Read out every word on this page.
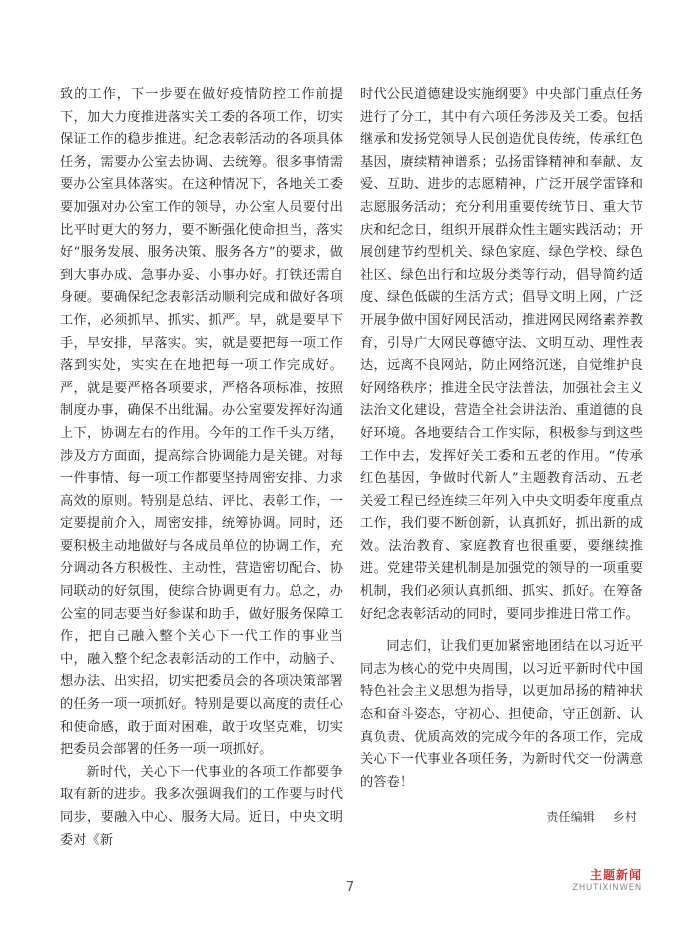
致的工作，下一步要在做好疫情防控工作前提下，加大力度推进落实关工委的各项工作，切实保证工作的稳步推进。纪念表彰活动的各项具体任务，需要办公室去协调、去统筹。很多事情需要办公室具体落实。在这种情况下，各地关工委要加强对办公室工作的领导，办公室人员要付出比平时更大的努力，要不断强化使命担当，落实好“服务发展、服务决策、服务各方”的要求，做到大事办成、急事办妥、小事办好。打铁还需自身硬。要确保纪念表彰活动顺利完成和做好各项工作，必须抓早、抓实、抓严。早，就是要早下手，早安排，早落实。实，就是要把每一项工作落到实处，实实在在地把每一项工作完成好。严，就是要严格各项要求，严格各项标准，按照制度办事，确保不出纰漏。办公室要发挥好沟通上下，协调左右的作用。今年的工作千头万绪，涉及方方面面，提高综合协调能力是关键。对每一件事情、每一项工作都要坚持周密安排、力求高效的原则。特别是总结、评比、表彰工作，一定要提前介入，周密安排，统筹协调。同时，还要积极主动地做好与各成员单位的协调工作，充分调动各方积极性、主动性，营造密切配合、协同联动的好氛围，使综合协调更有力。总之，办公室的同志要当好参谋和助手，做好服务保障工作，把自己融入整个关心下一代工作的事业当中，融入整个纪念表彰活动的工作中，动脑子、想办法、出实招，切实把委员会的各项决策部署的任务一项一项抓好。特别是要以高度的责任心和使命感，敢于面对困难，敢于攻坚克难，切实把委员会部署的任务一项一项抓好。

新时代，关心下一代事业的各项工作都要争取有新的进步。我多次强调我们的工作要与时代同步，要融入中心、服务大局。近日，中央文明委对《新

时代公民道德建设实施纲要》中央部门重点任务进行了分工，其中有六项任务涉及关工委。包括继承和发扬党领导人民创造优良传统，传承红色基因，赓续精神谱系；弘扬雷锋精神和奉献、友爱、互助、进步的志愿精神，广泛开展学雷锋和志愿服务活动；充分利用重要传统节日、重大节庆和纪念日，组织开展群众性主题实践活动；开展创建节约型机关、绿色家庭、绿色学校、绿色社区、绿色出行和垃圾分类等行动，倡导简约适度、绿色低碳的生活方式；倡导文明上网，广泛开展争做中国好网民活动，推进网民网络素养教育，引导广大网民尊德守法、文明互动、理性表达，远离不良网站，防止网络沉迷，自觉维护良好网络秩序；推进全民守法普法，加强社会主义法治文化建设，营造全社会讲法治、重道德的良好环境。各地要结合工作实际，积极参与到这些工作中去，发挥好关工委和五老的作用。“传承红色基因，争做时代新人”主题教育活动、五老关爱工程已经连续三年列入中央文明委年度重点工作，我们要不断创新，认真抓好，抓出新的成效。法治教育、家庭教育也很重要，要继续推进。党建带关建机制是加强党的领导的一项重要机制，我们必须认真抓细、抓实、抓好。在筹备好纪念表彰活动的同时，要同步推进日常工作。

同志们，让我们更加紧密地团结在以习近平同志为核心的党中央周围，以习近平新时代中国特色社会主义思想为指导，以更加昂扬的精神状态和奋斗姿态，守初心、担使命，守正创新、认真负责、优质高效的完成今年的各项工作，完成关心下一代事业各项任务，为新时代交一份满意的答卷！

责任编辑 乡村
7
主题新闻
ZHUTIXINWEN
